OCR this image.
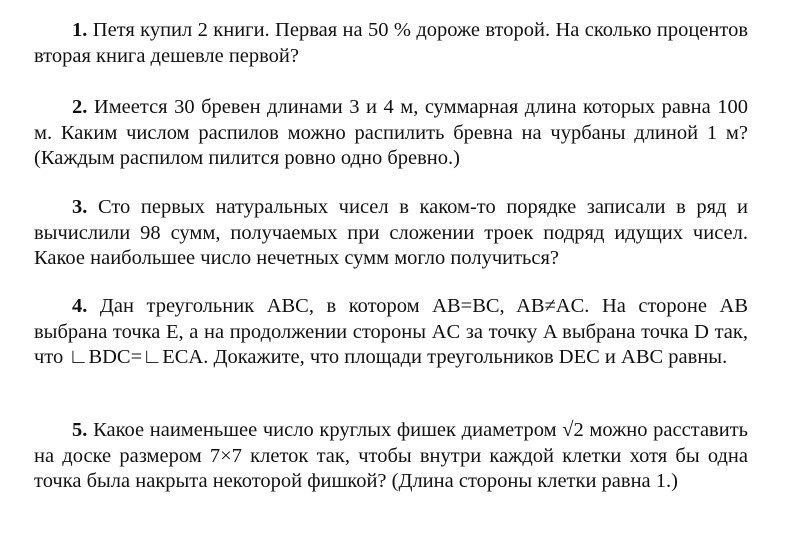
1. Петя купил 2 книги. Первая на 50 % дороже второй. На сколько процентов вторая книга дешевле первой?

2. Имеется 30 бревен длинами 3 и 4 м, суммарная длина которых равна 100 м. Каким числом распилов можно распилить бревна на чурбаны длиной 1 м? (Каждым распилом пилится ровно одно бревно.)

3. Сто первых натуральных чисел в каком-то порядке записали в ряд и вычислили 98 сумм, получаемых при сложении троек подряд идущих чисел. Какое наибольшее число нечетных сумм могло получиться?

4. Дан треугольник ABC, в котором AB=BC, AB≠AC. На стороне AB выбрана точка E, а на продолжении стороны AC за точку A выбрана точка D так, что ∟BDC=∟ECA. Докажите, что площади треугольников DEC и ABC равны.

5. Какое наименьшее число круглых фишек диаметром √2 можно расставить на доске размером 7×7 клеток так, чтобы внутри каждой клетки хотя бы одна точка была накрыта некоторой фишкой? (Длина стороны клетки равна 1.)
